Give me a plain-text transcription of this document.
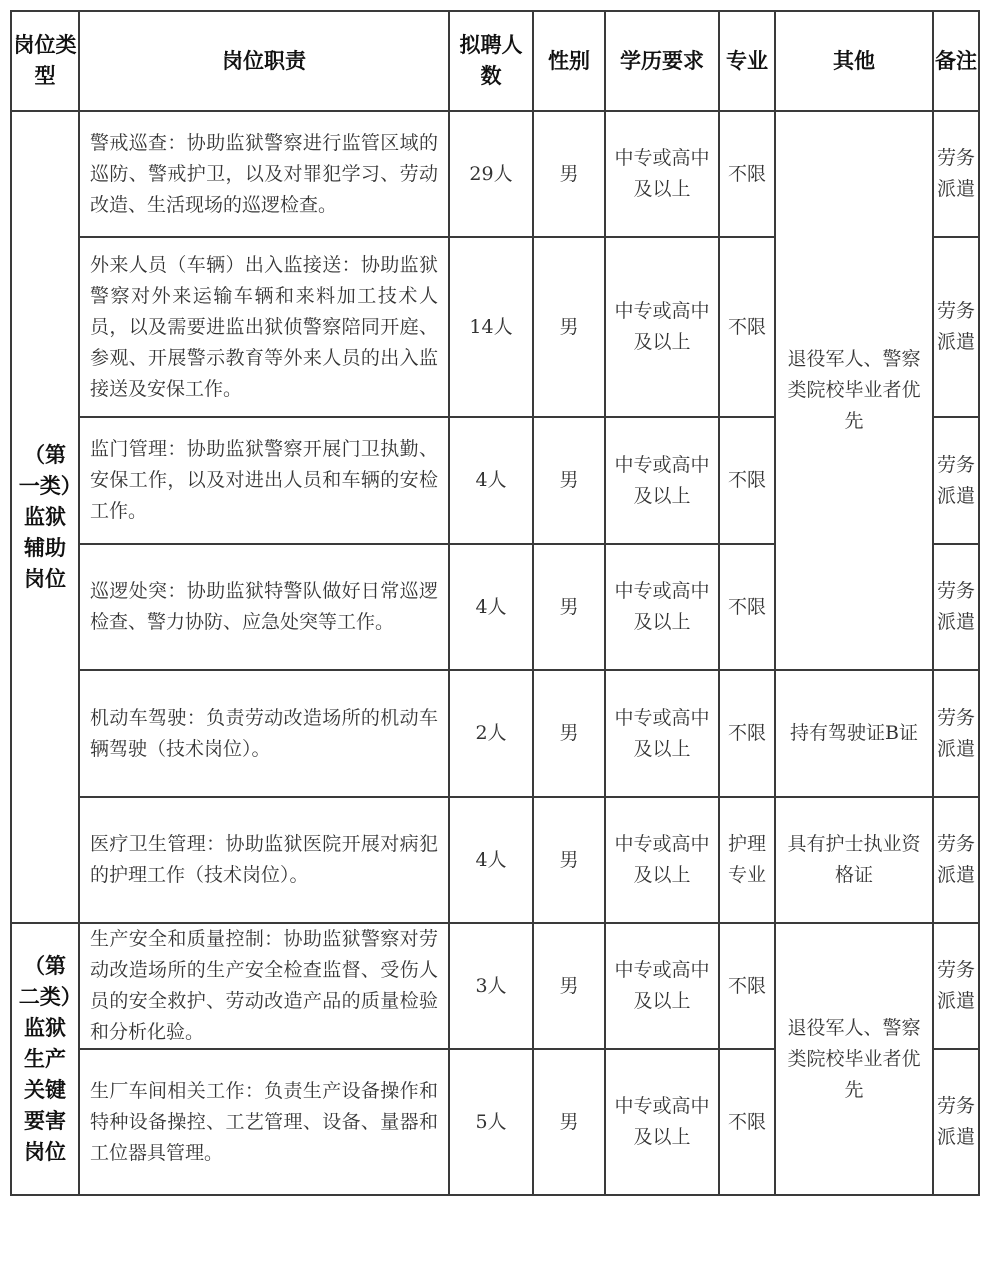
岗位类型	岗位职责	拟聘人数	性别	学历要求	专业	其他	备注
（第一类）监狱辅助岗位	警戒巡查：协助监狱警察进行监管区域的巡防、警戒护卫，以及对罪犯学习、劳动改造、生活现场的巡逻检查。	29人	男	中专或高中及以上	不限	退役军人、警察类院校毕业者优先	劳务派遣
	外来人员（车辆）出入监接送：协助监狱警察对外来运输车辆和来料加工技术人员，以及需要进监出狱侦警察陪同开庭、参观、开展警示教育等外来人员的出入监接送及安保工作。	14人	男	中专或高中及以上	不限		劳务派遣
	监门管理：协助监狱警察开展门卫执勤、安保工作，以及对进出人员和车辆的安检工作。	4人	男	中专或高中及以上	不限		劳务派遣
	巡逻处突：协助监狱特警队做好日常巡逻检查、警力协防、应急处突等工作。	4人	男	中专或高中及以上	不限		劳务派遣
	机动车驾驶：负责劳动改造场所的机动车辆驾驶（技术岗位）。	2人	男	中专或高中及以上	不限	持有驾驶证B证	劳务派遣
	医疗卫生管理：协助监狱医院开展对病犯的护理工作（技术岗位）。	4人	男	中专或高中及以上	护理专业	具有护士执业资格证	劳务派遣
（第二类）监狱生产关键要害岗位	生产安全和质量控制：协助监狱警察对劳动改造场所的生产安全检查监督、受伤人员的安全救护、劳动改造产品的质量检验和分析化验。	3人	男	中专或高中及以上	不限	退役军人、警察类院校毕业者优先	劳务派遣
	生厂车间相关工作：负责生产设备操作和特种设备操控、工艺管理、设备、量器和工位器具管理。	5人	男	中专或高中及以上	不限		劳务派遣
